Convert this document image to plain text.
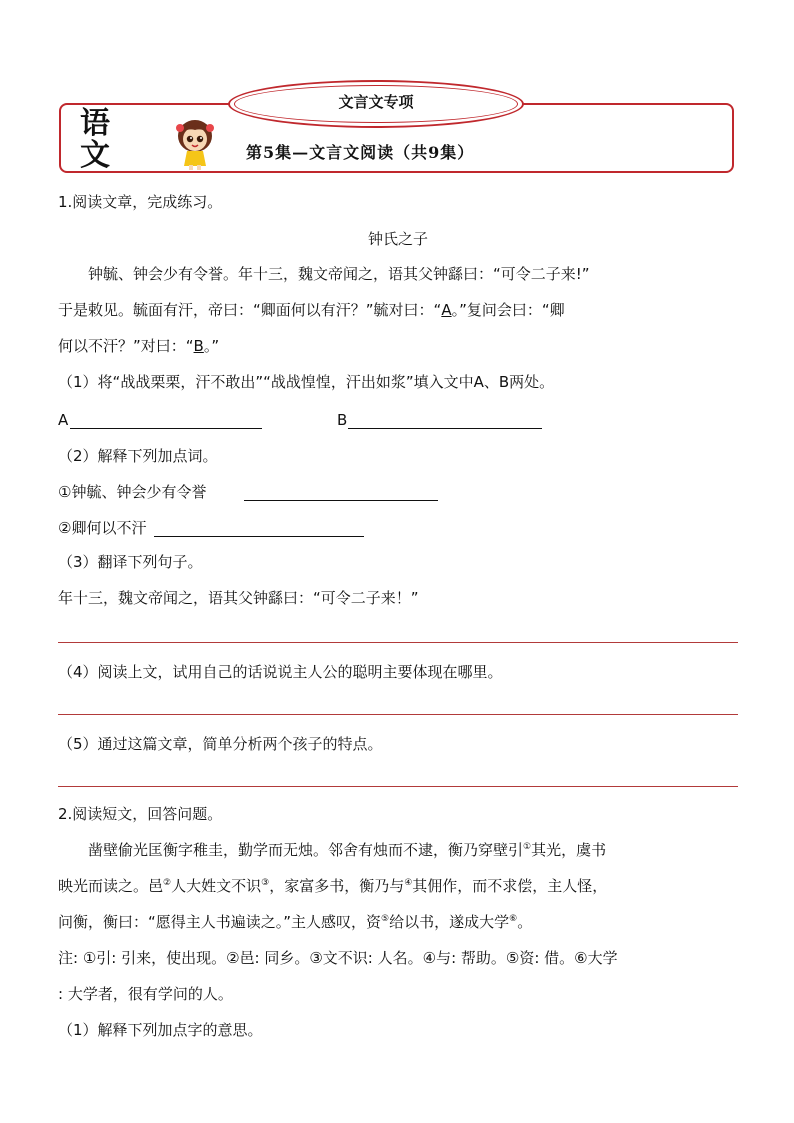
文言文专项
语
文	第5集—文言文阅读（共9集）
1.阅读文章，完成练习。
钟氏之子
钟毓、钟会少有令誉。年十三，魏文帝闻之，语其父钟繇曰：“可令二子来!”
于是敕见。毓面有汗，帝曰：“卿面何以有汗？”毓对曰：“A。”复问会曰：“卿
何以不汗？”对曰：“B。”
（1）将“战战栗栗，汗不敢出”“战战惶惶，汗出如浆”填入文中A、B两处。
A	B
（2）解释下列加点词。
①钟毓、钟会少有令誉
②卿何以不汗
（3）翻译下列句子。
年十三，魏文帝闻之，语其父钟繇曰：“可令二子来！”
（4）阅读上文，试用自己的话说说主人公的聪明主要体现在哪里。
（5）通过这篇文章，简单分析两个孩子的特点。
2.阅读短文，回答问题。
凿壁偷光匡衡字稚圭，勤学而无烛。邻舍有烛而不逮，衡乃穿壁引①其光，虞书
映光而读之。邑②人大姓文不识③，家富多书，衡乃与④其佣作，而不求偿，主人怪，
问衡，衡曰：“愿得主人书遍读之。”主人感叹，资⑤给以书，遂成大学⑥。
注: ①引: 引来，使出现。②邑: 同乡。③文不识: 人名。④与: 帮助。⑤资: 借。⑥大学
: 大学者，很有学问的人。
（1）解释下列加点字的意思。
